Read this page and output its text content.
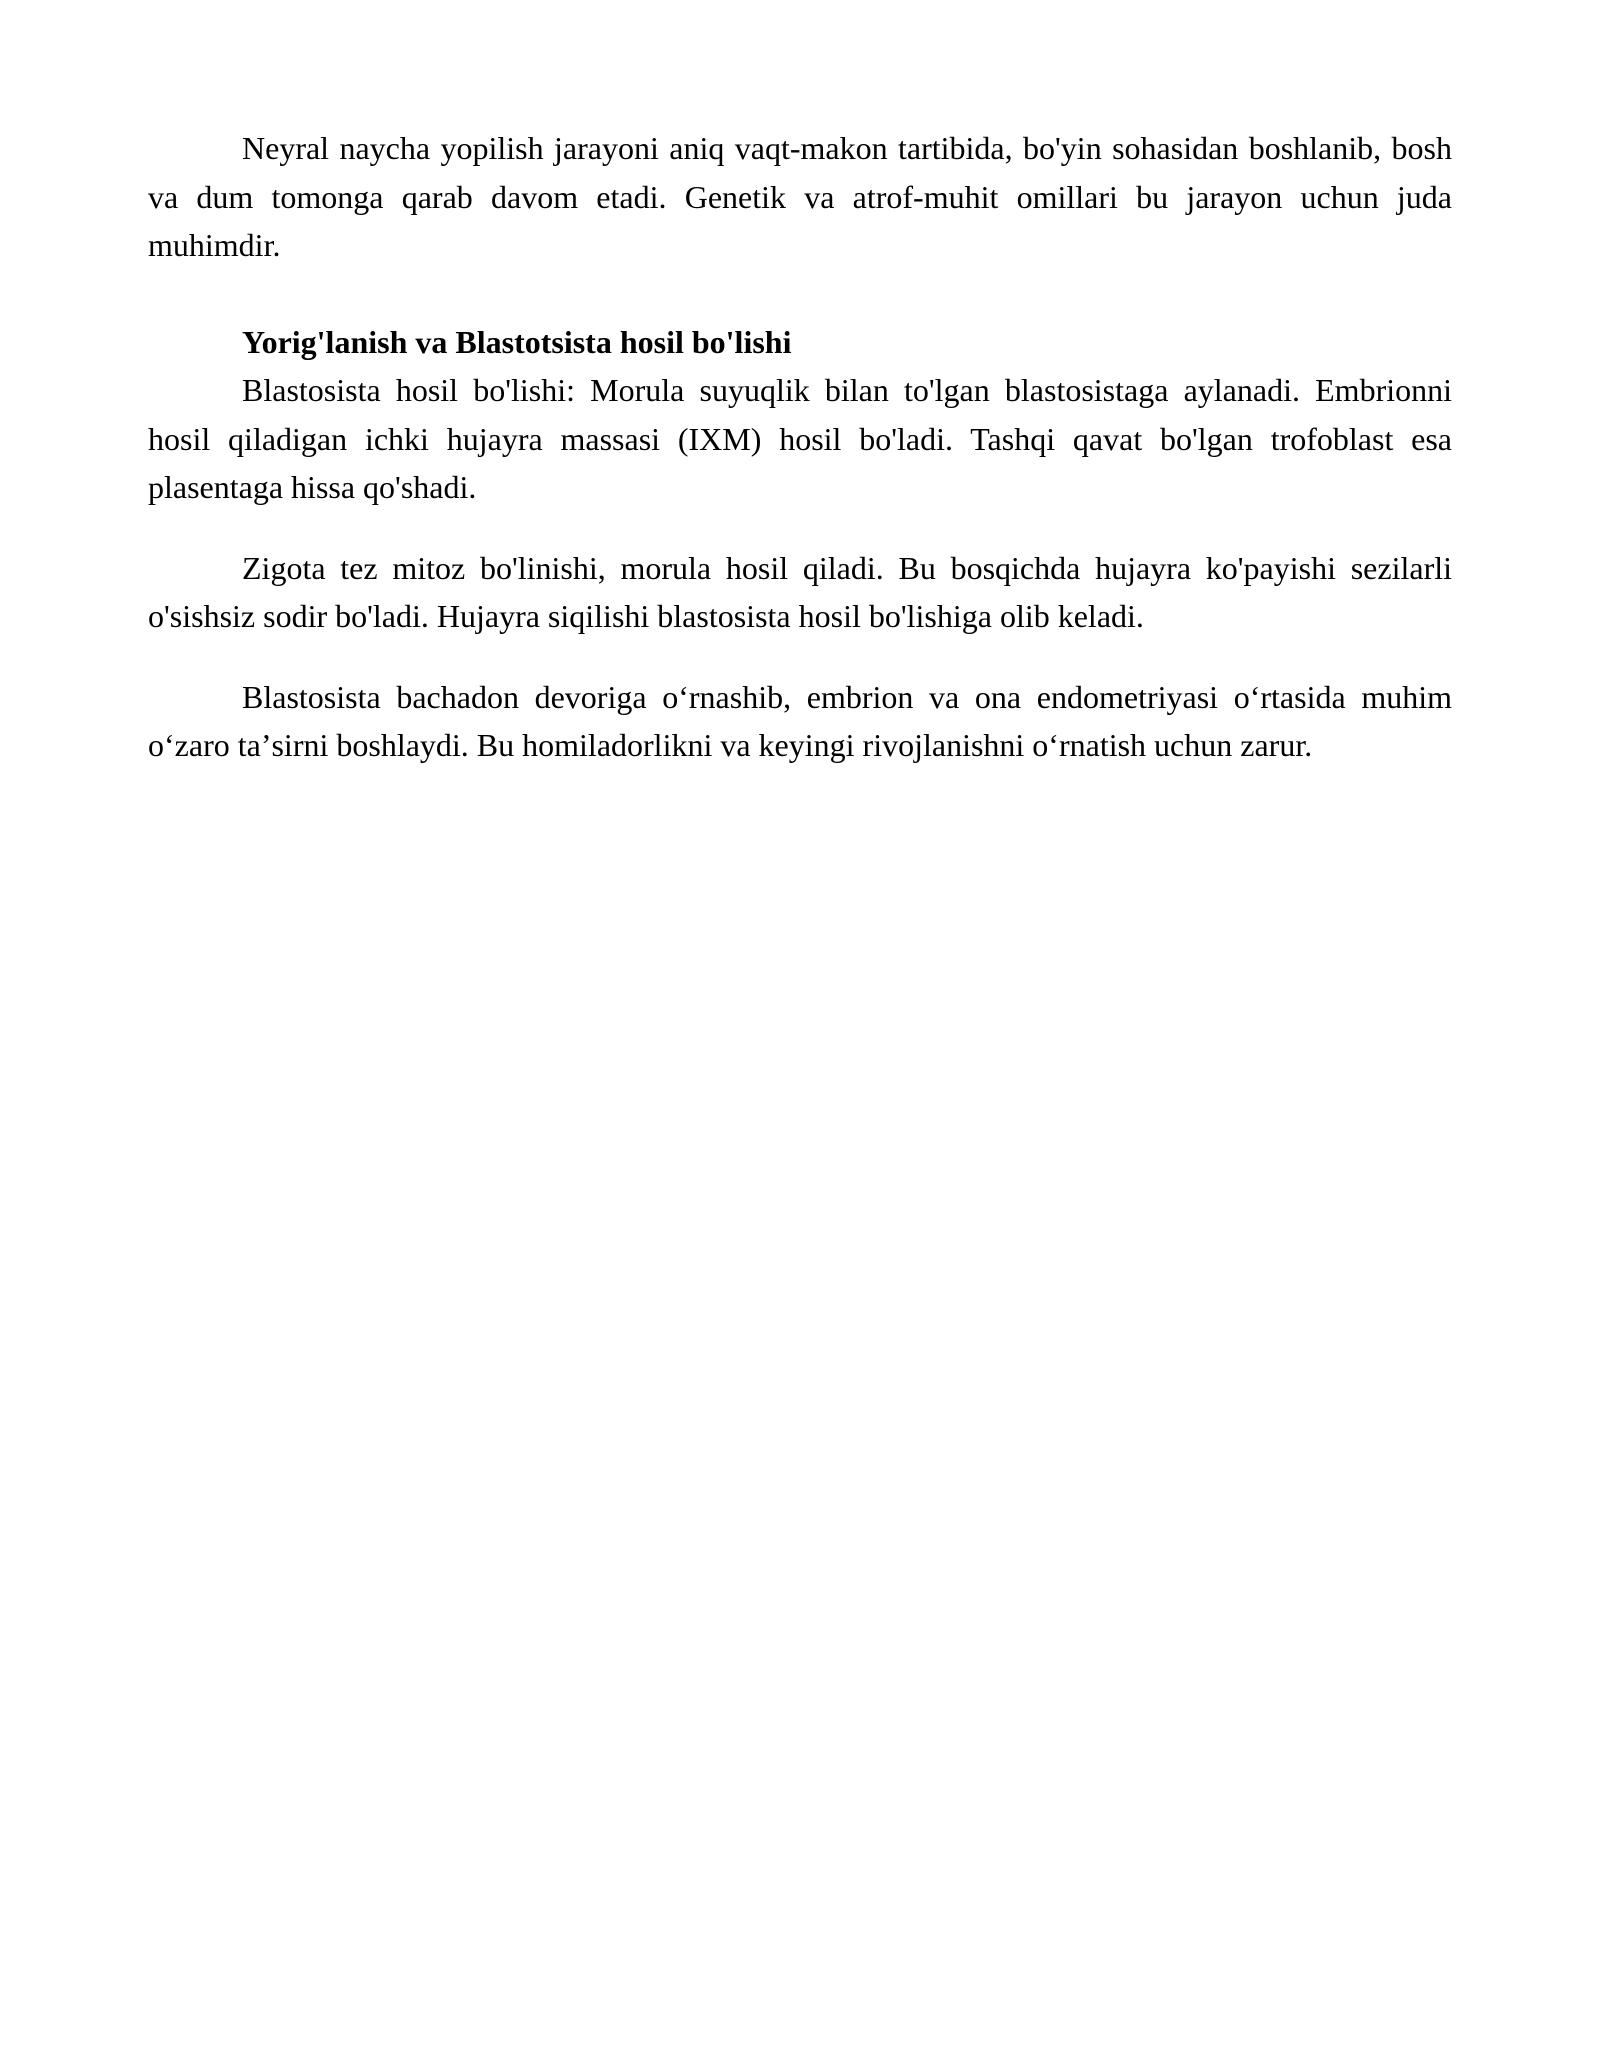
Neyral naycha yopilish jarayoni aniq vaqt-makon tartibida, bo'yin sohasidan boshlanib, bosh va dum tomonga qarab davom etadi. Genetik va atrof-muhit omillari bu jarayon uchun juda muhimdir.

Yorig'lanish va Blastotsista hosil bo'lishi

Blastosista hosil bo'lishi: Morula suyuqlik bilan to'lgan blastosistaga aylanadi. Embrionni hosil qiladigan ichki hujayra massasi (IXM) hosil bo'ladi. Tashqi qavat bo'lgan trofoblast esa plasentaga hissa qo'shadi.

Zigota tez mitoz bo'linishi, morula hosil qiladi. Bu bosqichda hujayra ko'payishi sezilarli o'sishsiz sodir bo'ladi. Hujayra siqilishi blastosista hosil bo'lishiga olib keladi.

Blastosista bachadon devoriga oʻrnashib, embrion va ona endometriyasi oʻrtasida muhim oʻzaro taʼsirni boshlaydi. Bu homiladorlikni va keyingi rivojlanishni oʻrnatish uchun zarur.
